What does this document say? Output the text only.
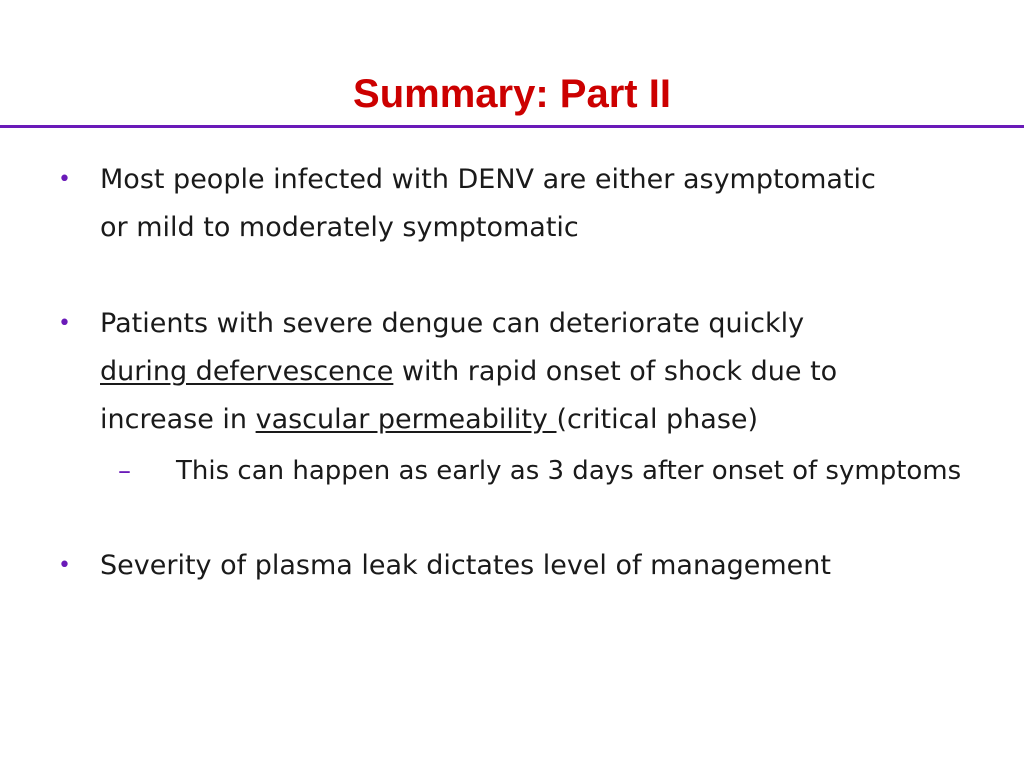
Summary: Part II
• Most people infected with DENV are either asymptomatic
or mild to moderately symptomatic
• Patients with severe dengue can deteriorate quickly
during defervescence with rapid onset of shock due to
increase in vascular permeability (critical phase)
– This can happen as early as 3 days after onset of symptoms
• Severity of plasma leak dictates level of management
